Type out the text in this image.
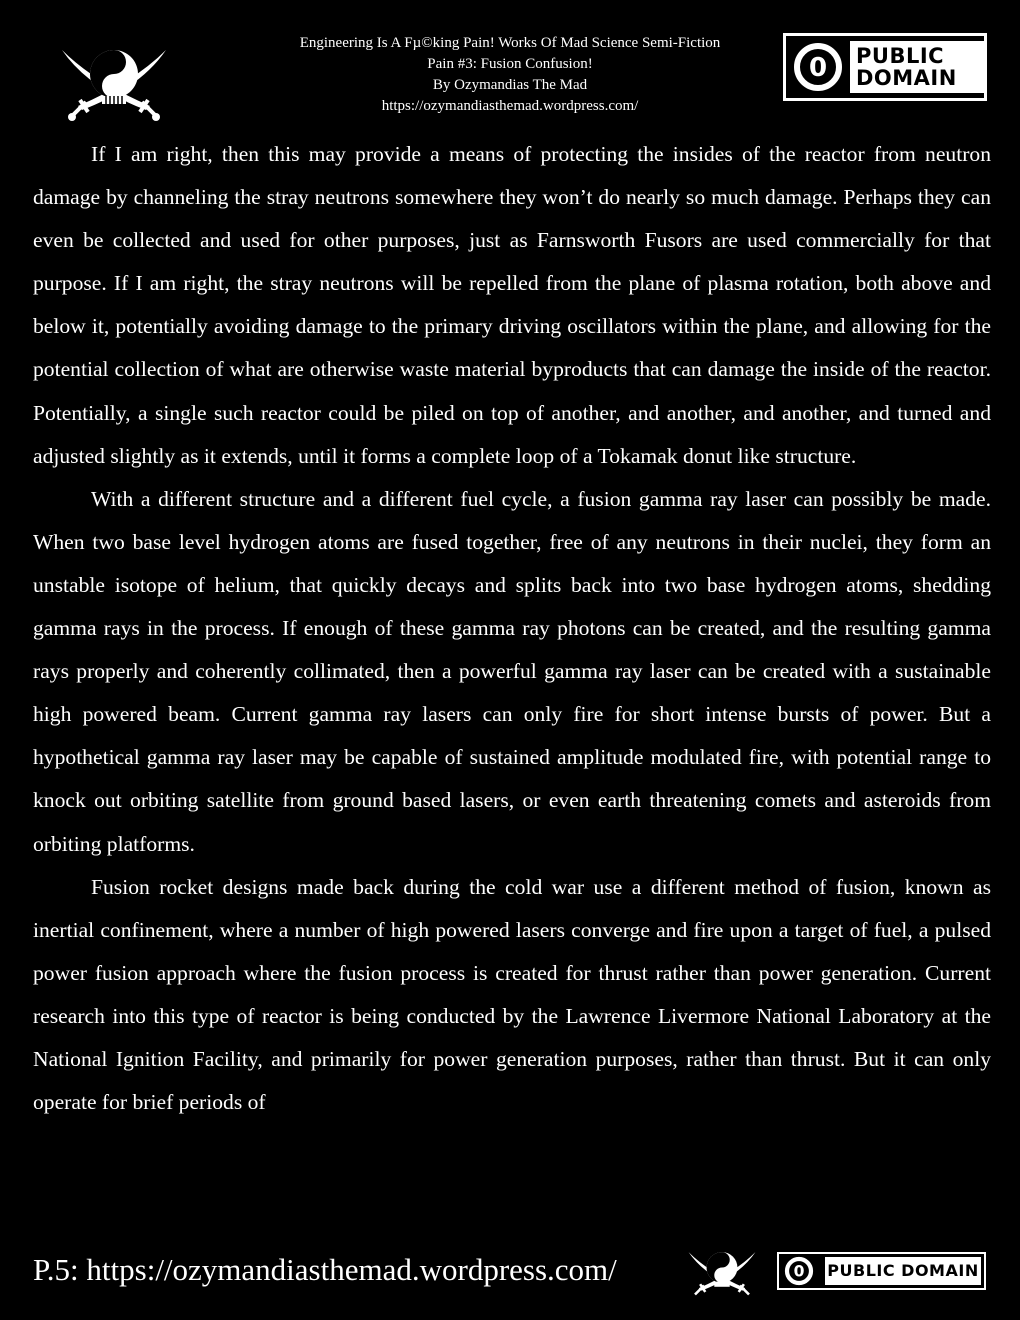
Engineering Is A Fµ©king Pain! Works Of Mad Science Semi-Fiction
Pain #3: Fusion Confusion!
By Ozymandias The Mad
https://ozymandiasthemad.wordpress.com/
0 PUBLIC
DOMAIN

If I am right, then this may provide a means of protecting the insides of the reactor from neutron damage by channeling the stray neutrons somewhere they won’t do nearly so much damage. Perhaps they can even be collected and used for other purposes, just as Farnsworth Fusors are used commercially for that purpose. If I am right, the stray neutrons will be repelled from the plane of plasma rotation, both above and below it, potentially avoiding damage to the primary driving oscillators within the plane, and allowing for the potential collection of what are otherwise waste material byproducts that can damage the inside of the reactor. Potentially, a single such reactor could be piled on top of another, and another, and another, and turned and adjusted slightly as it extends, until it forms a complete loop of a Tokamak donut like structure.

With a different structure and a different fuel cycle, a fusion gamma ray laser can possibly be made. When two base level hydrogen atoms are fused together, free of any neutrons in their nuclei, they form an unstable isotope of helium, that quickly decays and splits back into two base hydrogen atoms, shedding gamma rays in the process. If enough of these gamma ray photons can be created, and the resulting gamma rays properly and coherently collimated, then a powerful gamma ray laser can be created with a sustainable high powered beam. Current gamma ray lasers can only fire for short intense bursts of power. But a hypothetical gamma ray laser may be capable of sustained amplitude modulated fire, with potential range to knock out orbiting satellite from ground based lasers, or even earth threatening comets and asteroids from orbiting platforms.

Fusion rocket designs made back during the cold war use a different method of fusion, known as inertial confinement, where a number of high powered lasers converge and fire upon a target of fuel, a pulsed power fusion approach where the fusion process is created for thrust rather than power generation. Current research into this type of reactor is being conducted by the Lawrence Livermore National Laboratory at the National Ignition Facility, and primarily for power generation purposes, rather than thrust. But it can only operate for brief periods of

P.5: https://ozymandiasthemad.wordpress.com/	0 PUBLIC DOMAIN
